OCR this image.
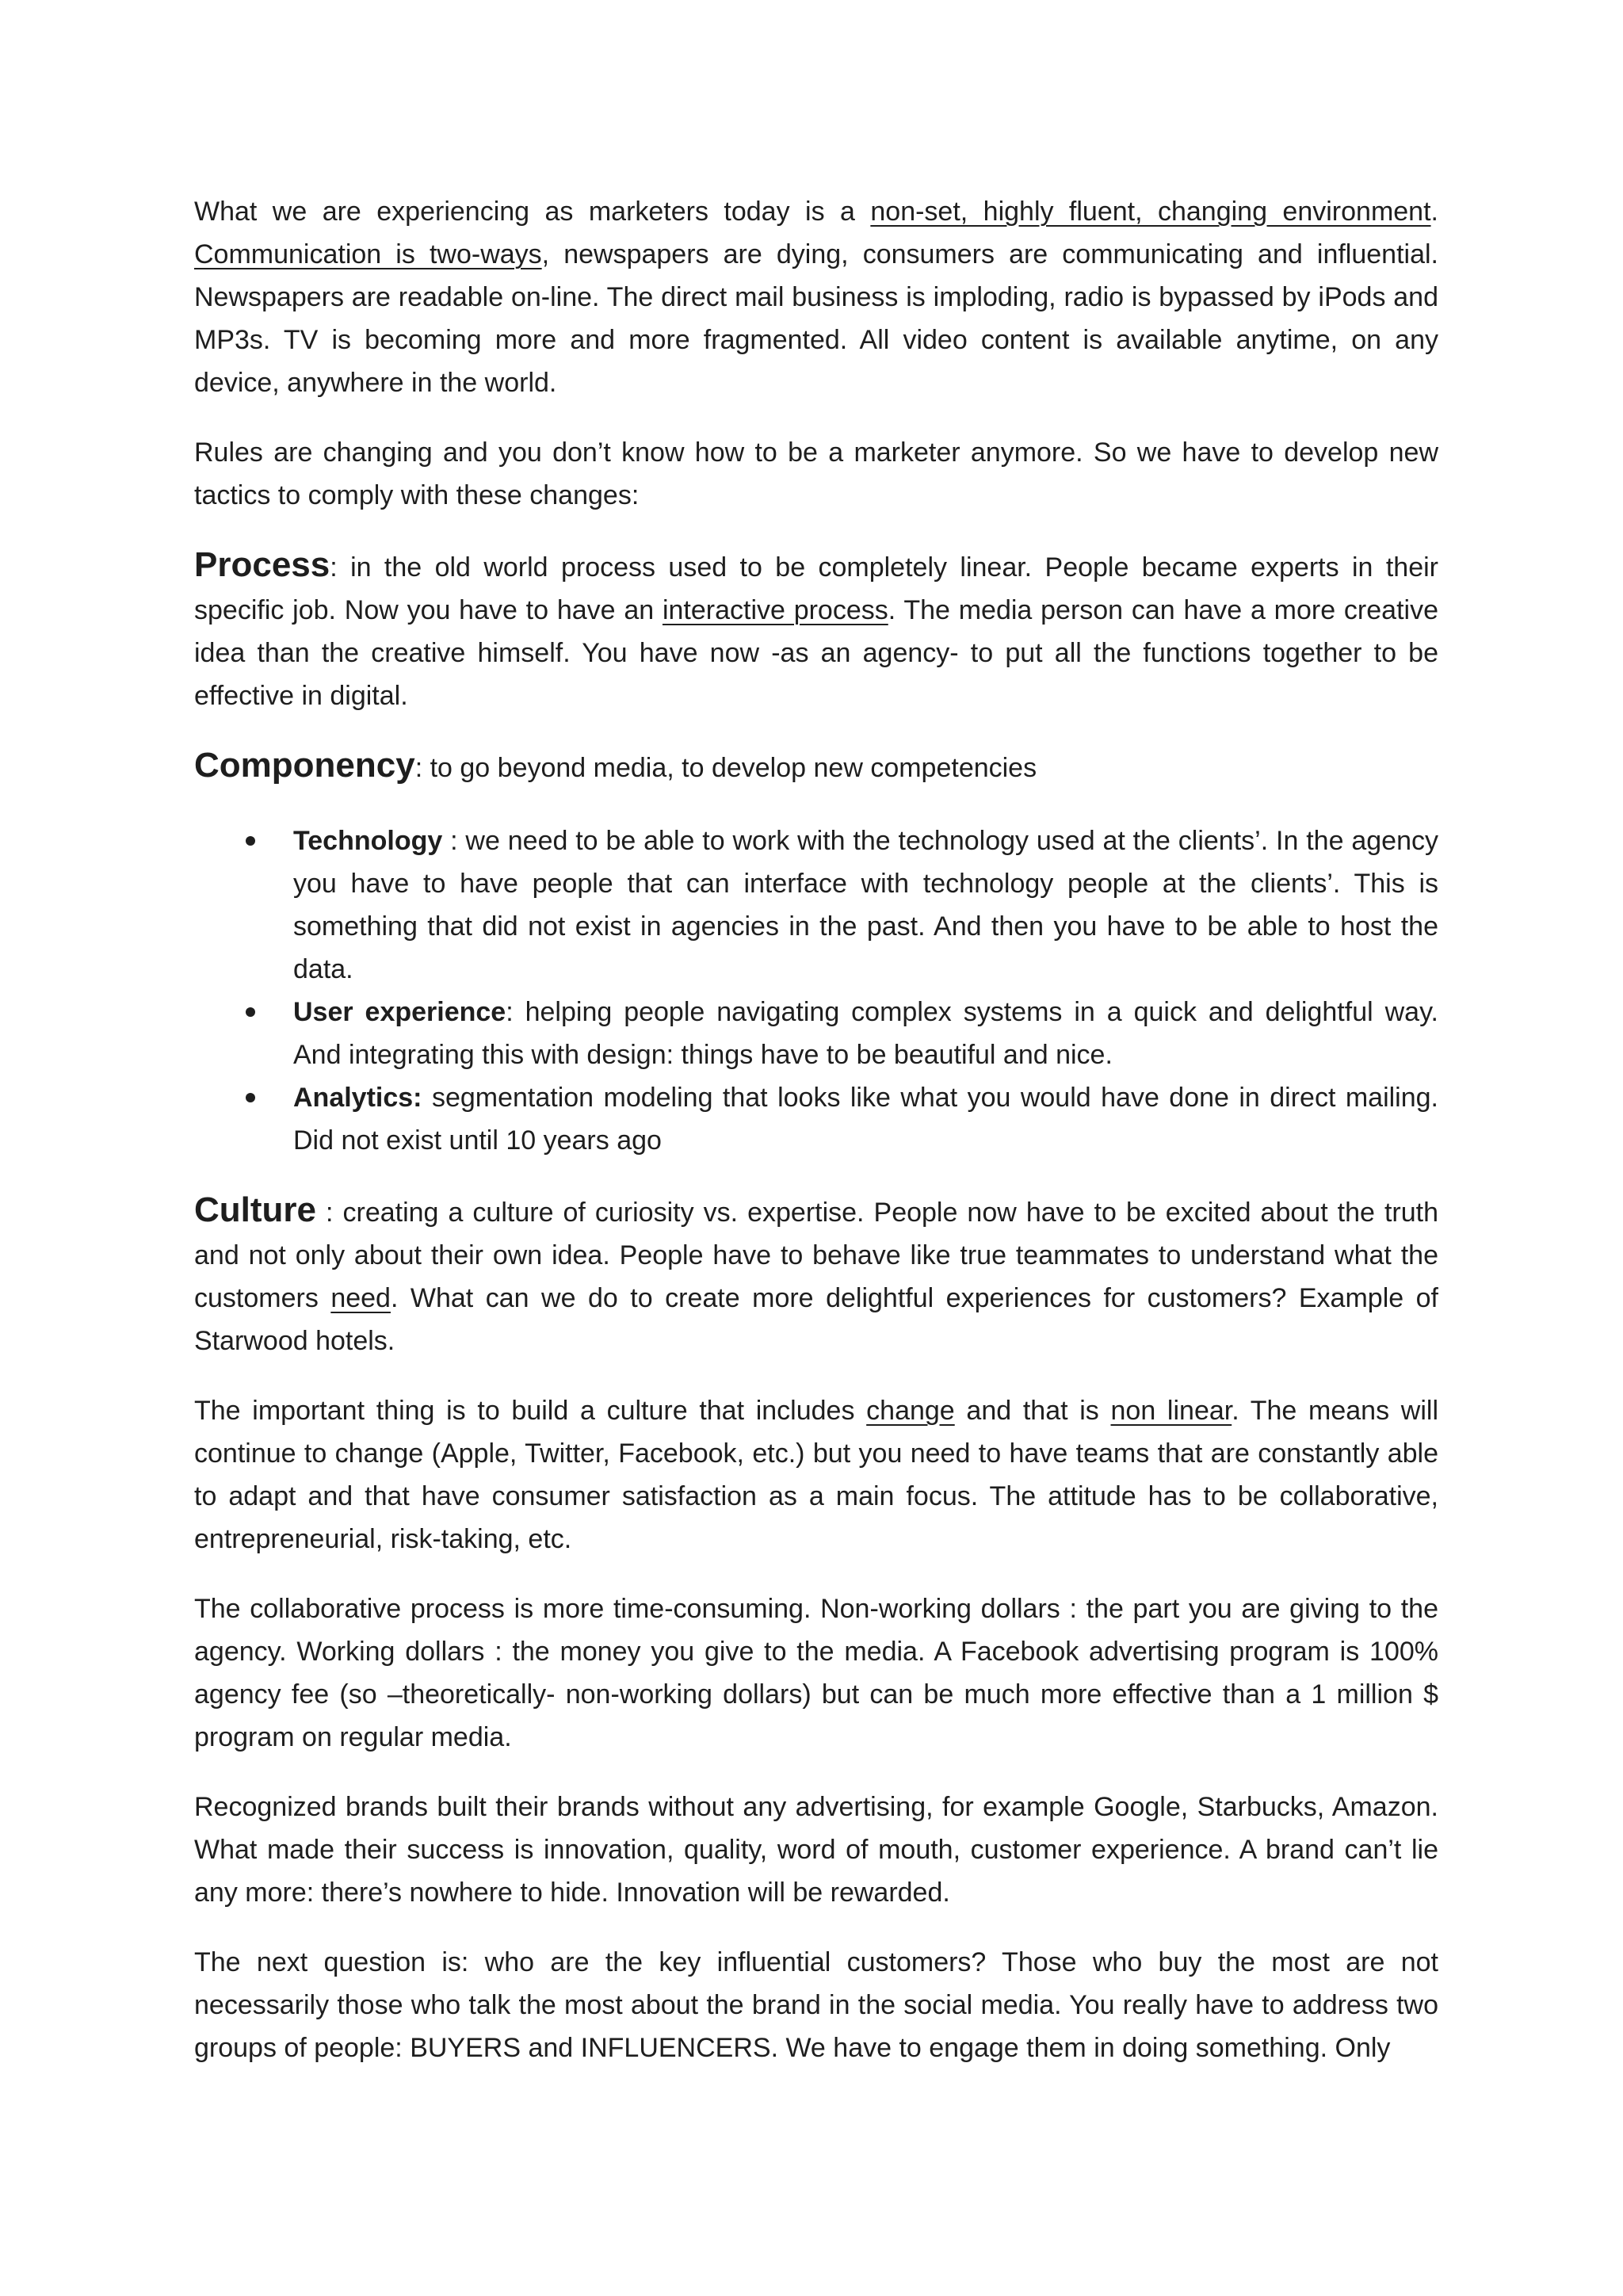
What we are experiencing as marketers today is a non-set, highly fluent, changing environment. Communication is two-ways, newspapers are dying, consumers are communicating and influential. Newspapers are readable on-line. The direct mail business is imploding, radio is bypassed by iPods and MP3s. TV is becoming more and more fragmented. All video content is available anytime, on any device, anywhere in the world.

Rules are changing and you don’t know how to be a marketer anymore. So we have to develop new tactics to comply with these changes:

Process: in the old world process used to be completely linear. People became experts in their specific job. Now you have to have an interactive process. The media person can have a more creative idea than the creative himself. You have now -as an agency- to put all the functions together to be effective in digital.

Componency: to go beyond media, to develop new competencies

Technology : we need to be able to work with the technology used at the clients’. In the agency you have to have people that can interface with technology people at the clients’. This is something that did not exist in agencies in the past. And then you have to be able to host the data.
User experience: helping people navigating complex systems in a quick and delightful way. And integrating this with design: things have to be beautiful and nice.
Analytics: segmentation modeling that looks like what you would have done in direct mailing. Did not exist until 10 years ago

Culture : creating a culture of curiosity vs. expertise. People now have to be excited about the truth and not only about their own idea. People have to behave like true teammates to understand what the customers need. What can we do to create more delightful experiences for customers? Example of Starwood hotels.

The important thing is to build a culture that includes change and that is non linear. The means will continue to change (Apple, Twitter, Facebook, etc.) but you need to have teams that are constantly able to adapt and that have consumer satisfaction as a main focus. The attitude has to be collaborative, entrepreneurial, risk-taking, etc.

The collaborative process is more time-consuming. Non-working dollars : the part you are giving to the agency. Working dollars : the money you give to the media. A Facebook advertising program is 100% agency fee (so –theoretically- non-working dollars) but can be much more effective than a 1 million $ program on regular media.

Recognized brands built their brands without any advertising, for example Google, Starbucks, Amazon. What made their success is innovation, quality, word of mouth, customer experience. A brand can’t lie any more: there’s nowhere to hide. Innovation will be rewarded.

The next question is: who are the key influential customers? Those who buy the most are not necessarily those who talk the most about the brand in the social media. You really have to address two groups of people: BUYERS and INFLUENCERS. We have to engage them in doing something. Only
